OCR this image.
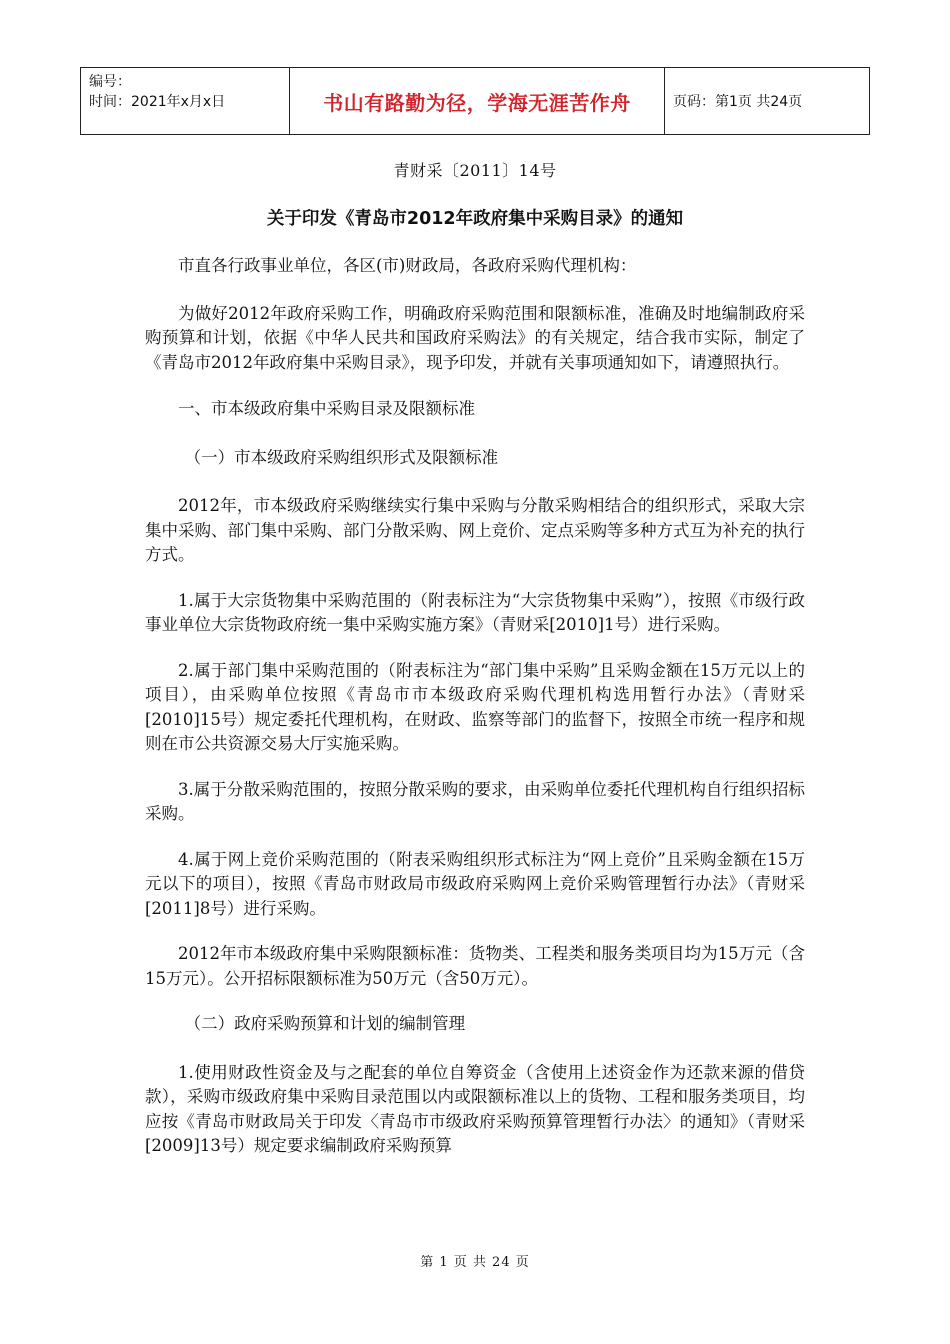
编号：
时间：2021年x月x日	书山有路勤为径，学海无涯苦作舟	页码：第1页 共24页
青财采〔2011〕14号
关于印发《青岛市2012年政府集中采购目录》的通知

市直各行政事业单位，各区(市)财政局，各政府采购代理机构：

为做好2012年政府采购工作，明确政府采购范围和限额标准，准确及时地编制政府采购预算和计划，依据《中华人民共和国政府采购法》的有关规定，结合我市实际，制定了《青岛市2012年政府集中采购目录》，现予印发，并就有关事项通知如下，请遵照执行。

一、市本级政府集中采购目录及限额标准

（一）市本级政府采购组织形式及限额标准

2012年，市本级政府采购继续实行集中采购与分散采购相结合的组织形式，采取大宗集中采购、部门集中采购、部门分散采购、网上竞价、定点采购等多种方式互为补充的执行方式。

1.属于大宗货物集中采购范围的（附表标注为“大宗货物集中采购”），按照《市级行政事业单位大宗货物政府统一集中采购实施方案》（青财采[2010]1号）进行采购。

2.属于部门集中采购范围的（附表标注为“部门集中采购”且采购金额在15万元以上的项目），由采购单位按照《青岛市市本级政府采购代理机构选用暂行办法》（青财采[2010]15号）规定委托代理机构，在财政、监察等部门的监督下，按照全市统一程序和规则在市公共资源交易大厅实施采购。

3.属于分散采购范围的，按照分散采购的要求，由采购单位委托代理机构自行组织招标采购。

4.属于网上竞价采购范围的（附表采购组织形式标注为“网上竞价”且采购金额在15万元以下的项目），按照《青岛市财政局市级政府采购网上竞价采购管理暂行办法》（青财采[2011]8号）进行采购。

2012年市本级政府集中采购限额标准：货物类、工程类和服务类项目均为15万元（含15万元）。公开招标限额标准为50万元（含50万元）。

（二）政府采购预算和计划的编制管理

1.使用财政性资金及与之配套的单位自筹资金（含使用上述资金作为还款来源的借贷款），采购市级政府集中采购目录范围以内或限额标准以上的货物、工程和服务类项目，均应按《青岛市财政局关于印发〈青岛市市级政府采购预算管理暂行办法〉的通知》（青财采[2009]13号）规定要求编制政府采购预算

第 1 页 共 24 页
